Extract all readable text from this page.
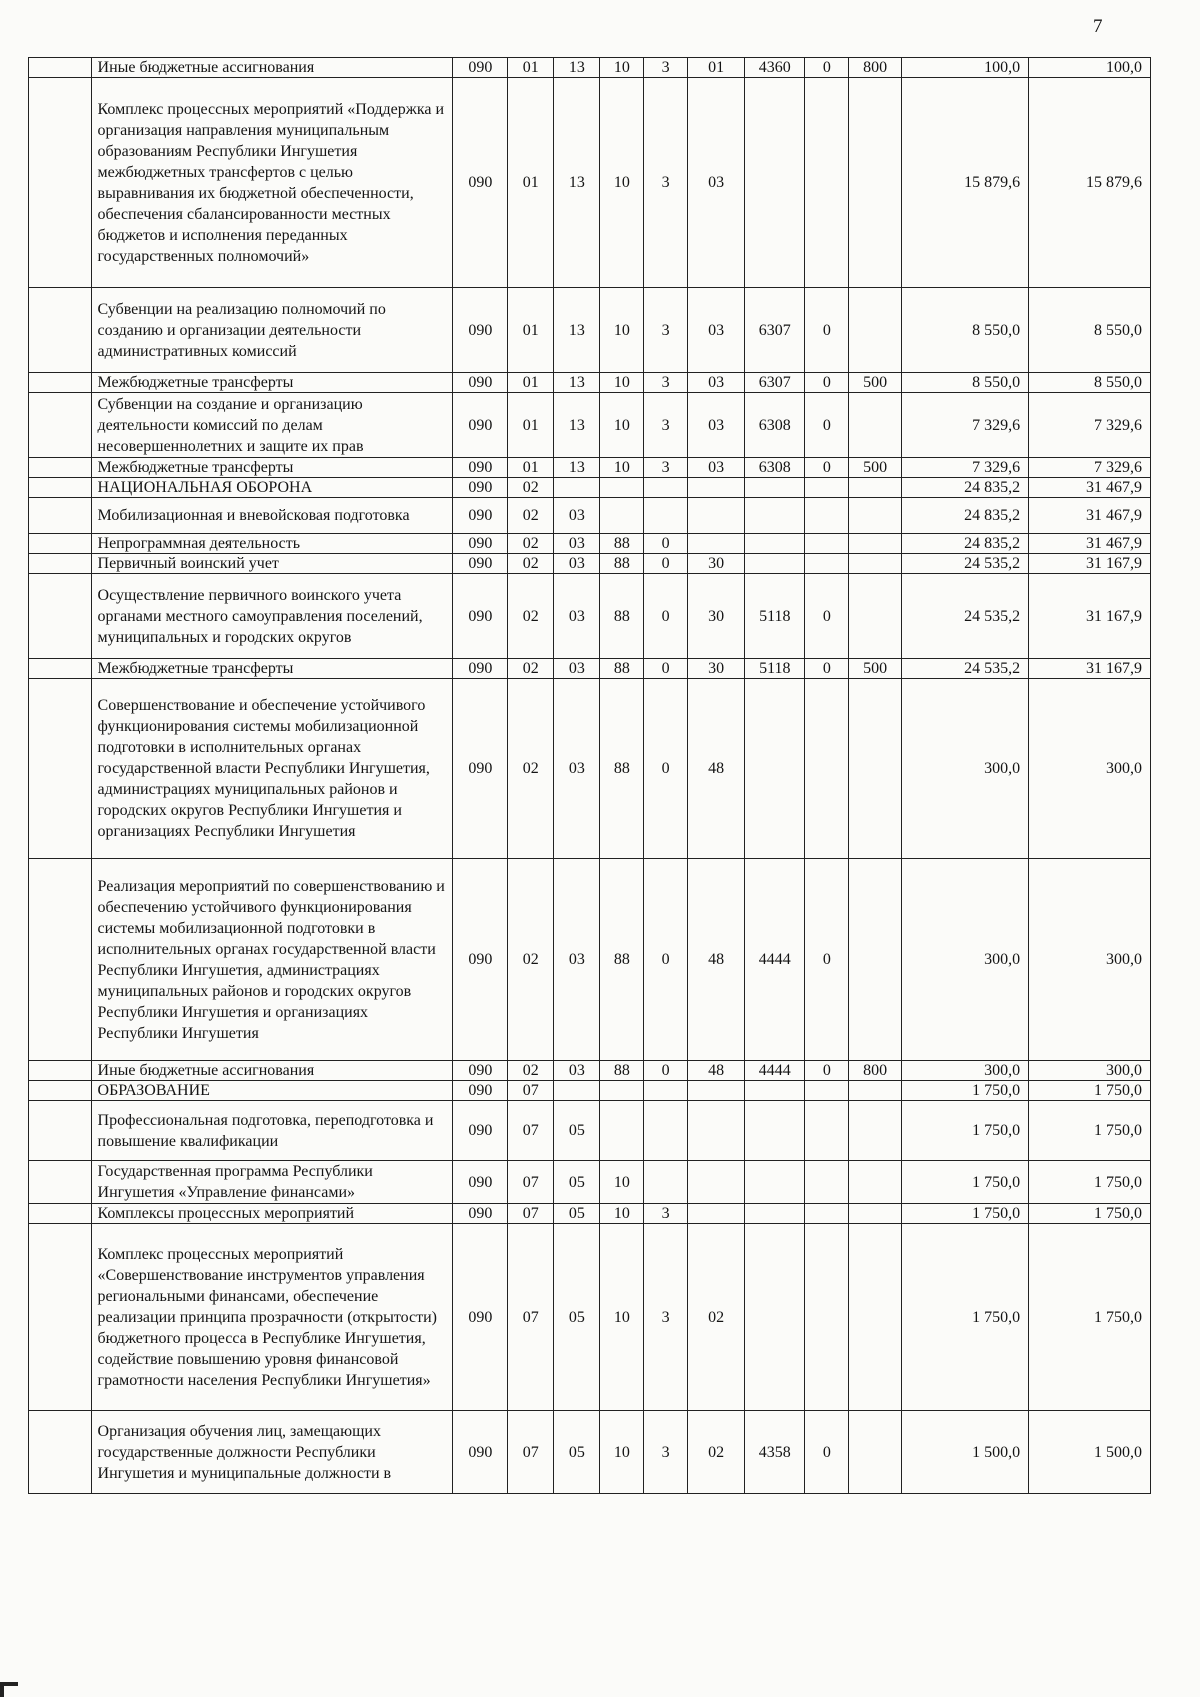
7
	Иные бюджетные ассигнования	090	01	13	10	3	01	4360	0	800	100,0	100,0
	Комплекс процессных мероприятий «Поддержка и организация направления муниципальным образованиям Республики Ингушетия межбюджетных трансфертов с целью выравнивания их бюджетной обеспеченности, обеспечения сбалансированности местных бюджетов и исполнения переданных государственных полномочий»	090	01	13	10	3	03				15 879,6	15 879,6
	Субвенции на реализацию полномочий по созданию и организации деятельности административных комиссий	090	01	13	10	3	03	6307	0		8 550,0	8 550,0
	Межбюджетные трансферты	090	01	13	10	3	03	6307	0	500	8 550,0	8 550,0
	Субвенции на создание и организацию деятельности комиссий по делам несовершеннолетних и защите их прав	090	01	13	10	3	03	6308	0		7 329,6	7 329,6
	Межбюджетные трансферты	090	01	13	10	3	03	6308	0	500	7 329,6	7 329,6
	НАЦИОНАЛЬНАЯ ОБОРОНА	090	02								24 835,2	31 467,9
	Мобилизационная и вневойсковая подготовка	090	02	03							24 835,2	31 467,9
	Непрограммная деятельность	090	02	03	88	0					24 835,2	31 467,9
	Первичный воинский учет	090	02	03	88	0	30				24 535,2	31 167,9
	Осуществление первичного воинского учета органами местного самоуправления поселений, муниципальных и городских округов	090	02	03	88	0	30	5118	0		24 535,2	31 167,9
	Межбюджетные трансферты	090	02	03	88	0	30	5118	0	500	24 535,2	31 167,9
	Совершенствование и обеспечение устойчивого функционирования системы мобилизационной подготовки в исполнительных органах государственной власти Республики Ингушетия, администрациях муниципальных районов и городских округов Республики Ингушетия и организациях Республики Ингушетия	090	02	03	88	0	48				300,0	300,0
	Реализация мероприятий по совершенствованию и обеспечению устойчивого функционирования системы мобилизационной подготовки в исполнительных органах государственной власти Республики Ингушетия, администрациях муниципальных районов и городских округов Республики Ингушетия и организациях Республики Ингушетия	090	02	03	88	0	48	4444	0		300,0	300,0
	Иные бюджетные ассигнования	090	02	03	88	0	48	4444	0	800	300,0	300,0
	ОБРАЗОВАНИЕ	090	07								1 750,0	1 750,0
	Профессиональная подготовка, переподготовка и повышение квалификации	090	07	05							1 750,0	1 750,0
	Государственная программа Республики Ингушетия «Управление финансами»	090	07	05	10						1 750,0	1 750,0
	Комплексы процессных мероприятий	090	07	05	10	3					1 750,0	1 750,0
	Комплекс процессных мероприятий «Совершенствование инструментов управления региональными финансами, обеспечение реализации принципа прозрачности (открытости) бюджетного процесса в Республике Ингушетия, содействие повышению уровня финансовой грамотности населения Республики Ингушетия»	090	07	05	10	3	02				1 750,0	1 750,0
	Организация обучения лиц, замещающих государственные должности Республики Ингушетия и муниципальные должности в	090	07	05	10	3	02	4358	0		1 500,0	1 500,0
